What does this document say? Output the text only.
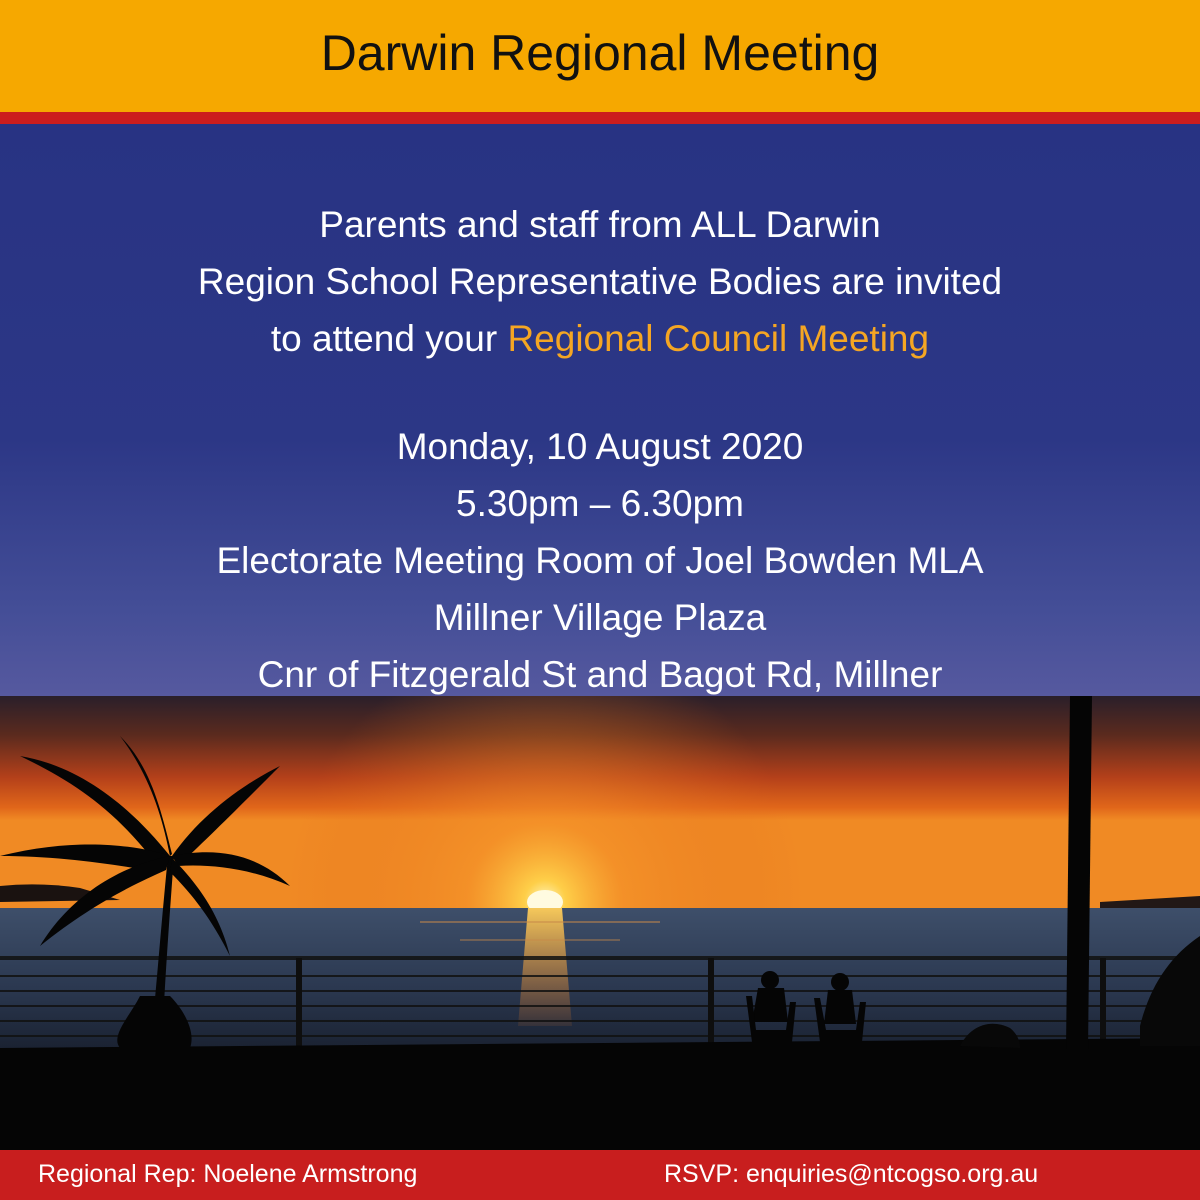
Darwin Regional Meeting
Parents and staff from ALL Darwin
Region School Representative Bodies are invited
to attend your Regional Council Meeting
Monday, 10 August 2020
5.30pm – 6.30pm
Electorate Meeting Room of Joel Bowden MLA
Millner Village Plaza
Cnr of Fitzgerald St and Bagot Rd, Millner
Regional Rep: Noelene Armstrong	RSVP: enquiries@ntcogso.org.au
